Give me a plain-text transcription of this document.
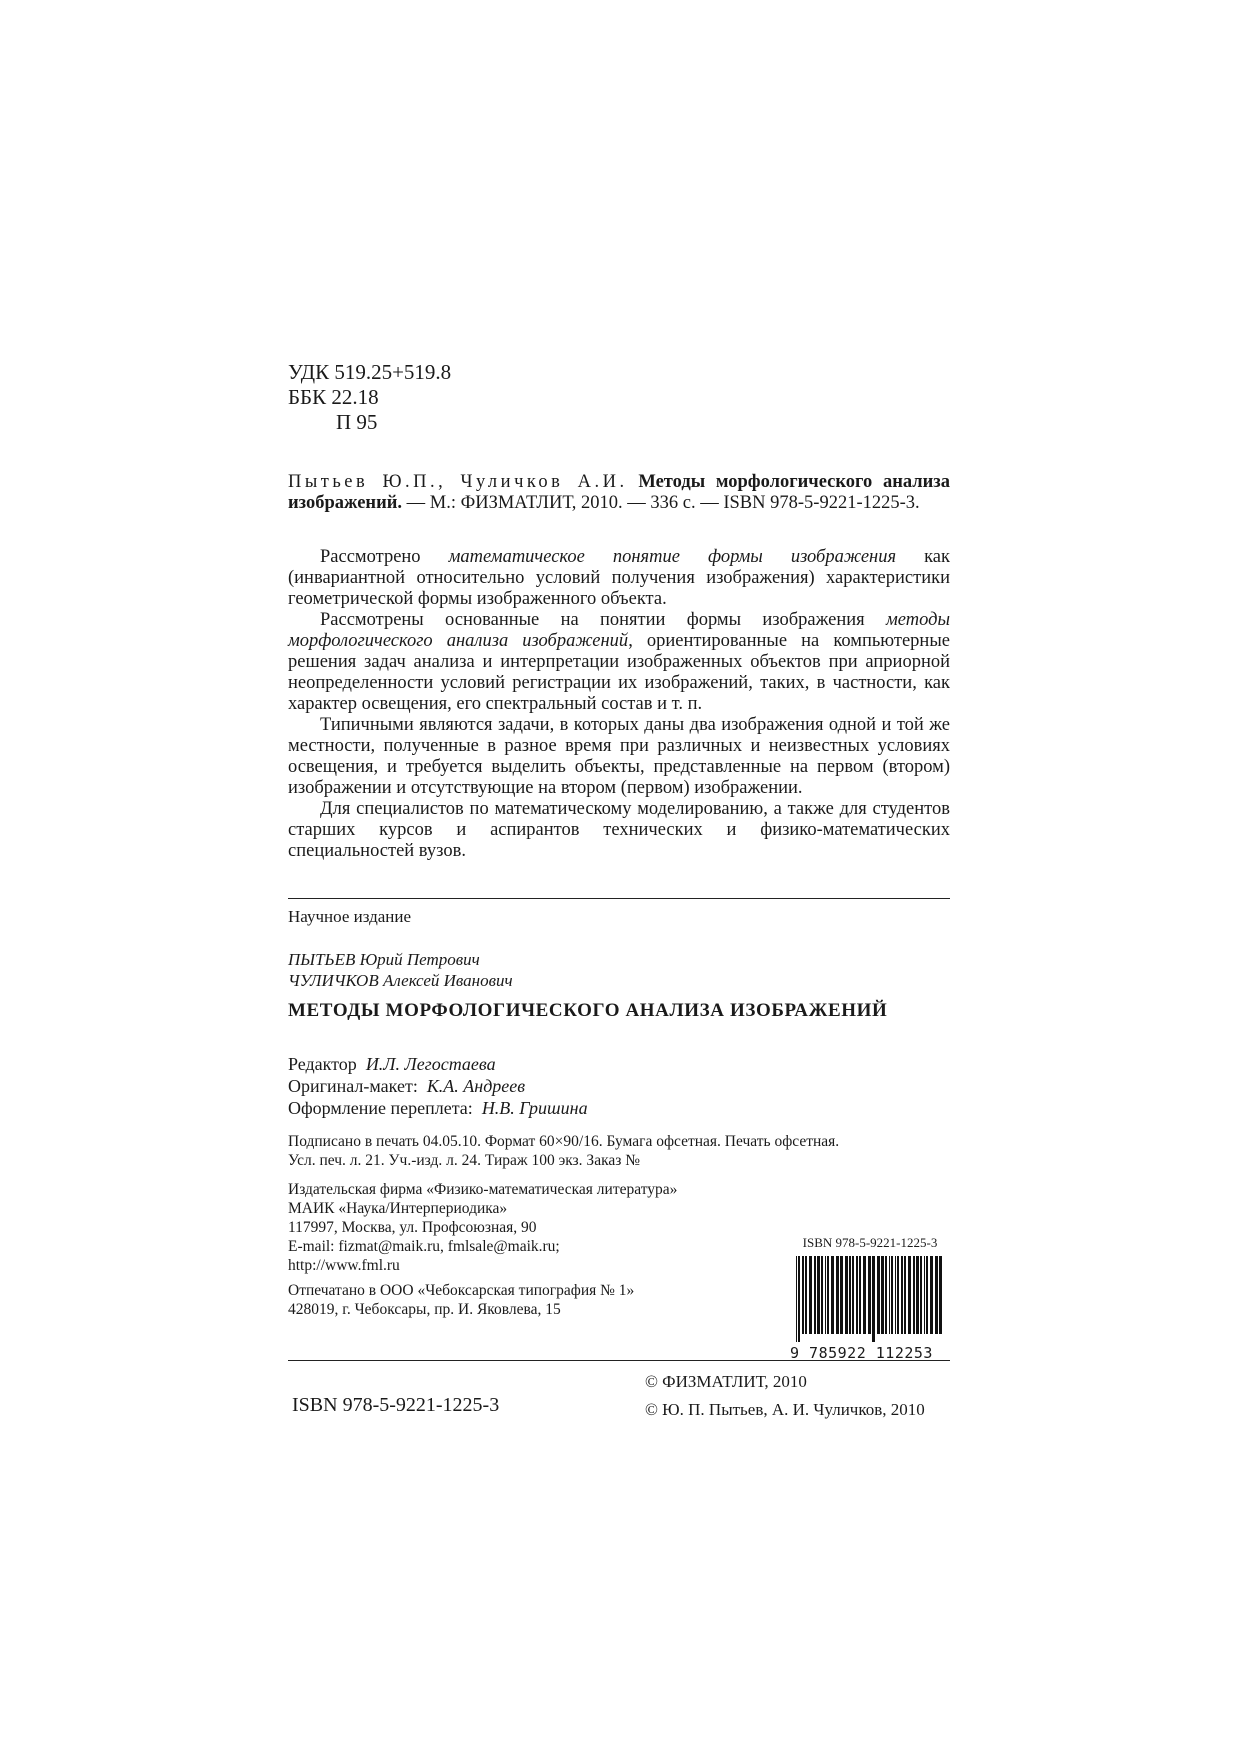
УДК 519.25+519.8
ББК 22.18
П 95

Пытьев Ю.П., Чуличков А.И. Методы морфологического анализа изображений. — М.: ФИЗМАТЛИТ, 2010. — 336 с. — ISBN 978-5-9221-1225-3.

Рассмотрено математическое понятие формы изображения как (инвариантной относительно условий получения изображения) характеристики геометрической формы изображенного объекта.

Рассмотрены основанные на понятии формы изображения методы морфологического анализа изображений, ориентированные на компьютерные решения задач анализа и интерпретации изображенных объектов при априорной неопределенности условий регистрации их изображений, таких, в частности, как характер освещения, его спектральный состав и т. п.

Типичными являются задачи, в которых даны два изображения одной и той же местности, полученные в разное время при различных и неизвестных условиях освещения, и требуется выделить объекты, представленные на первом (втором) изображении и отсутствующие на втором (первом) изображении.

Для специалистов по математическому моделированию, а также для студентов старших курсов и аспирантов технических и физико-математических специальностей вузов.

Научное издание
ПЫТЬЕВ Юрий Петрович
ЧУЛИЧКОВ Алексей Иванович
МЕТОДЫ МОРФОЛОГИЧЕСКОГО АНАЛИЗА ИЗОБРАЖЕНИЙ
Редактор И.Л. Легостаева
Оригинал-макет: К.А. Андреев
Оформление переплета: Н.В. Гришина
Подписано в печать 04.05.10. Формат 60×90/16. Бумага офсетная. Печать офсетная.
Усл. печ. л. 21. Уч.-изд. л. 24. Тираж 100 экз. Заказ №
Издательская фирма «Физико-математическая литература»
МАИК «Наука/Интерпериодика»
117997, Москва, ул. Профсоюзная, 90
E-mail: fizmat@maik.ru, fmlsale@maik.ru;
http://www.fml.ru
Отпечатано в ООО «Чебоксарская типография № 1»
428019, г. Чебоксары, пр. И. Яковлева, 15
ISBN 978-5-9221-1225-3
9 785922 112253
© ФИЗМАТЛИТ, 2010
© Ю. П. Пытьев, А. И. Чуличков, 2010
ISBN 978-5-9221-1225-3
